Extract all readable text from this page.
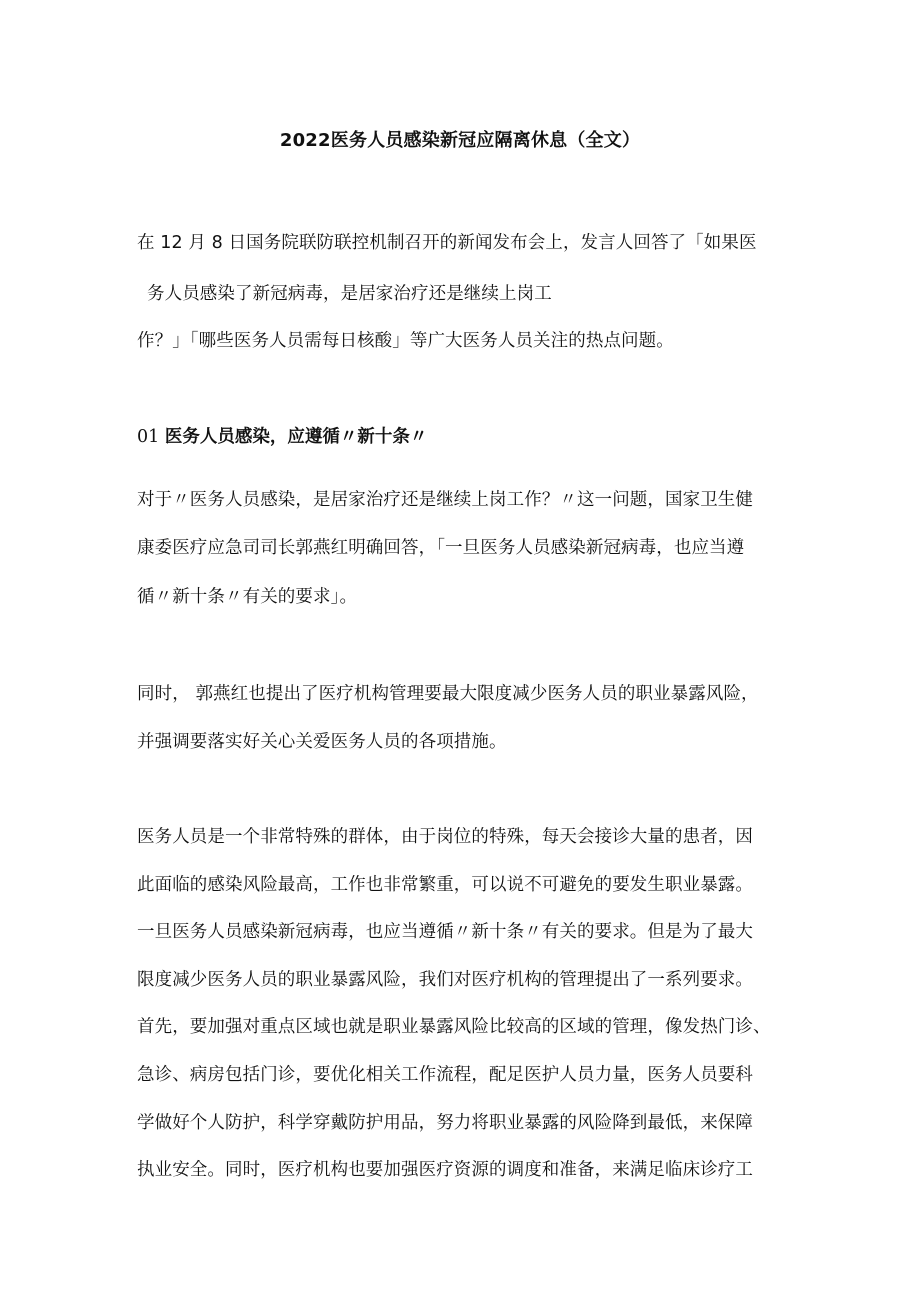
2022医务人员感染新冠应隔离休息（全文）
在 12 月 8 日国务院联防联控机制召开的新闻发布会上，发言人回答了「如果医
务人员感染了新冠病毒，是居家治疗还是继续上岗工
作？」「哪些医务人员需每日核酸」等广大医务人员关注的热点问题。
01 医务人员感染，应遵循〃新十条〃
对于〃医务人员感染，是居家治疗还是继续上岗工作？〃这一问题，国家卫生健
康委医疗应急司司长郭燕红明确回答，「一旦医务人员感染新冠病毒，也应当遵
循〃新十条〃有关的要求」。
同时， 郭燕红也提出了医疗机构管理要最大限度减少医务人员的职业暴露风险，
并强调要落实好关心关爱医务人员的各项措施。
医务人员是一个非常特殊的群体，由于岗位的特殊，每天会接诊大量的患者，因
此面临的感染风险最高，工作也非常繁重，可以说不可避免的要发生职业暴露。
一旦医务人员感染新冠病毒，也应当遵循〃新十条〃有关的要求。但是为了最大
限度减少医务人员的职业暴露风险，我们对医疗机构的管理提出了一系列要求。
首先，要加强对重点区域也就是职业暴露风险比较高的区域的管理，像发热门诊、
急诊、病房包括门诊，要优化相关工作流程，配足医护人员力量，医务人员要科
学做好个人防护，科学穿戴防护用品，努力将职业暴露的风险降到最低，来保障
执业安全。同时，医疗机构也要加强医疗资源的调度和准备，来满足临床诊疗工
